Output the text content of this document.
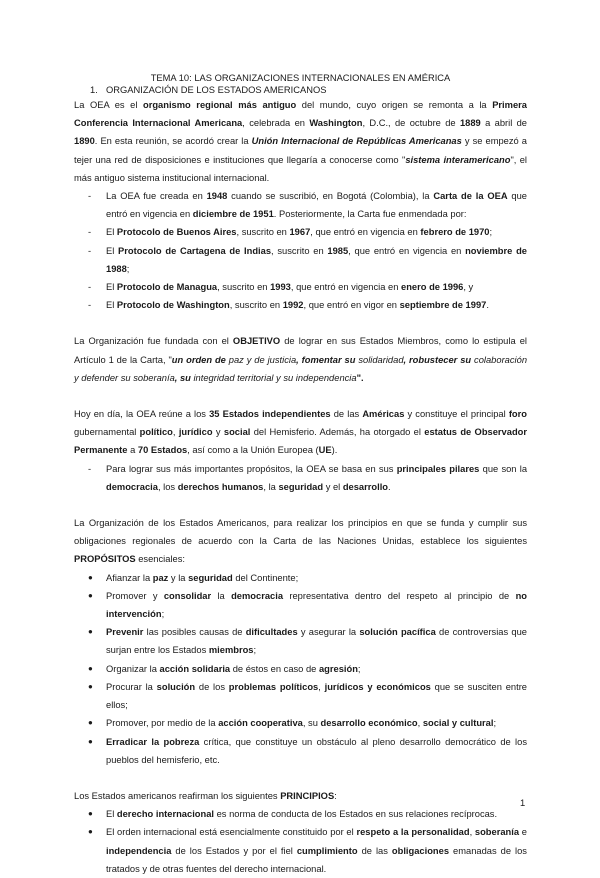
TEMA 10: LAS ORGANIZACIONES INTERNACIONALES EN AMÉRICA
1. ORGANIZACIÓN DE LOS ESTADOS AMERICANOS

La OEA es el organismo regional más antiguo del mundo, cuyo origen se remonta a la Primera Conferencia Internacional Americana, celebrada en Washington, D.C., de octubre de 1889 a abril de 1890. En esta reunión, se acordó crear la Unión Internacional de Repúblicas Americanas y se empezó a tejer una red de disposiciones e instituciones que llegaría a conocerse como "sistema interamericano", el más antiguo sistema institucional internacional.

- La OEA fue creada en 1948 cuando se suscribió, en Bogotá (Colombia), la Carta de la OEA que entró en vigencia en diciembre de 1951. Posteriormente, la Carta fue enmendada por:
- El Protocolo de Buenos Aires, suscrito en 1967, que entró en vigencia en febrero de 1970;
- El Protocolo de Cartagena de Indias, suscrito en 1985, que entró en vigencia en noviembre de 1988;
- El Protocolo de Managua, suscrito en 1993, que entró en vigencia en enero de 1996, y
- El Protocolo de Washington, suscrito en 1992, que entró en vigor en septiembre de 1997.

La Organización fue fundada con el OBJETIVO de lograr en sus Estados Miembros, como lo estipula el Artículo 1 de la Carta, "un orden de paz y de justicia, fomentar su solidaridad, robustecer su colaboración y defender su soberanía, su integridad territorial y su independencia".

Hoy en día, la OEA reúne a los 35 Estados independientes de las Américas y constituye el principal foro gubernamental político, jurídico y social del Hemisferio. Además, ha otorgado el estatus de Observador Permanente a 70 Estados, así como a la Unión Europea (UE).

- Para lograr sus más importantes propósitos, la OEA se basa en sus principales pilares que son la democracia, los derechos humanos, la seguridad y el desarrollo.

La Organización de los Estados Americanos, para realizar los principios en que se funda y cumplir sus obligaciones regionales de acuerdo con la Carta de las Naciones Unidas, establece los siguientes PROPÓSITOS esenciales:

● Afianzar la paz y la seguridad del Continente;
● Promover y consolidar la democracia representativa dentro del respeto al principio de no intervención;
● Prevenir las posibles causas de dificultades y asegurar la solución pacífica de controversias que surjan entre los Estados miembros;
● Organizar la acción solidaria de éstos en caso de agresión;
● Procurar la solución de los problemas políticos, jurídicos y económicos que se susciten entre ellos;
● Promover, por medio de la acción cooperativa, su desarrollo económico, social y cultural;
● Erradicar la pobreza crítica, que constituye un obstáculo al pleno desarrollo democrático de los pueblos del hemisferio, etc.

Los Estados americanos reafirman los siguientes PRINCIPIOS:

● El derecho internacional es norma de conducta de los Estados en sus relaciones recíprocas.
● El orden internacional está esencialmente constituido por el respeto a la personalidad, soberanía e independencia de los Estados y por el fiel cumplimiento de las obligaciones emanadas de los tratados y de otras fuentes del derecho internacional.
1
